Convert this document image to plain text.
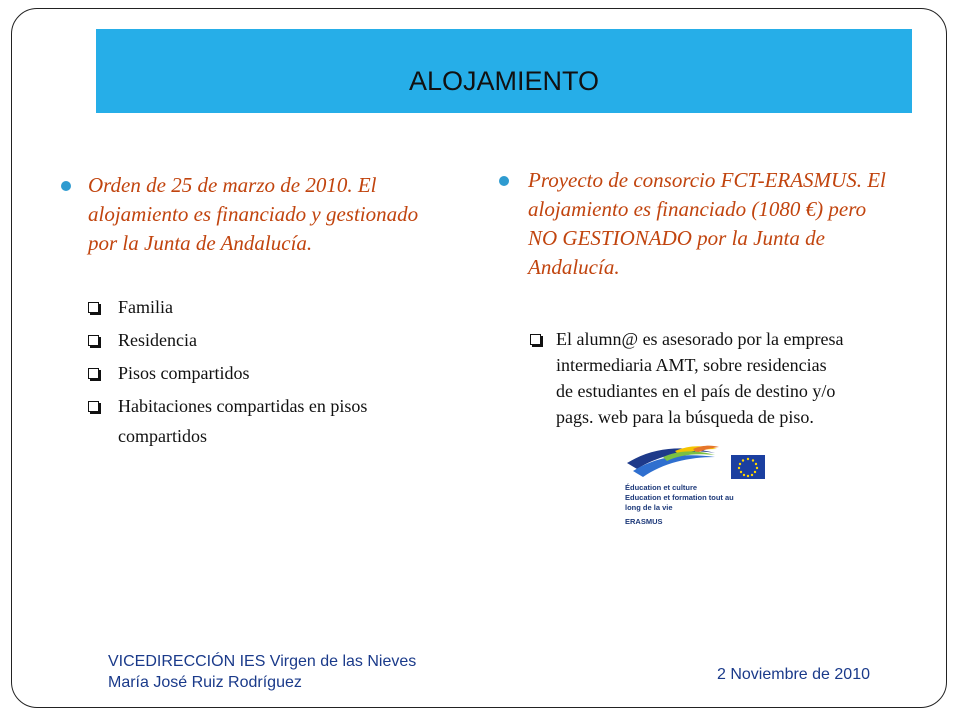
ALOJAMIENTO
Orden de 25 de marzo de 2010. El
alojamiento es financiado y gestionado
por la Junta de Andalucía.
Familia
Residencia
Pisos compartidos
Habitaciones compartidas en pisos
compartidos
Proyecto de consorcio FCT-ERASMUS. El
alojamiento es financiado (1080 €) pero
NO GESTIONADO por la Junta de
Andalucía.
El alumn@ es asesorado por la empresa
intermediaria AMT, sobre residencias
de estudiantes en el país de destino y/o
pags. web para la búsqueda de piso.
Éducation et culture
Education et formation tout au
long de la vie
ERASMUS
VICEDIRECCIÓN IES Virgen de las Nieves
María José Ruiz Rodríguez	2 Noviembre de 2010
